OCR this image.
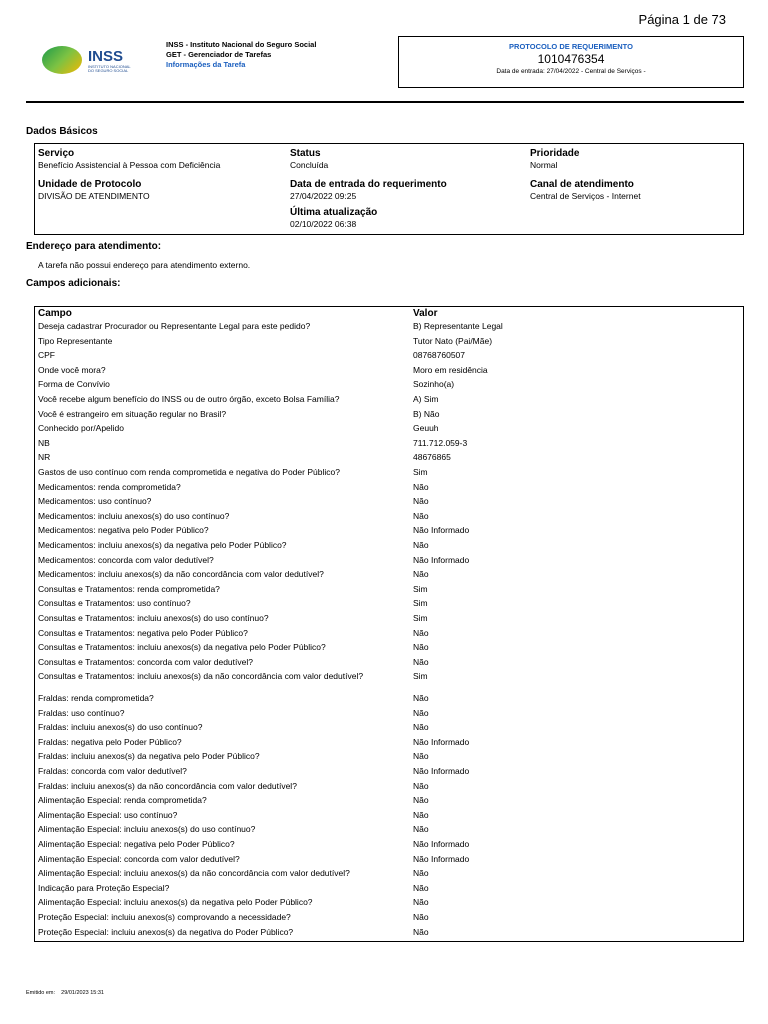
Página 1 de 73
INSS
INSTITUTO NACIONAL
DO SEGURO SOCIAL
INSS - Instituto Nacional do Seguro Social
GET - Gerenciador de Tarefas
Informações da Tarefa
PROTOCOLO DE REQUERIMENTO
1010476354
Data de entrada: 27/04/2022 - Central de Serviços -
Dados Básicos
Serviço
Benefício Assistencial à Pessoa com Deficiência
Status
Concluída
Prioridade
Normal
Unidade de Protocolo
DIVISÃO DE ATENDIMENTO
Data de entrada do requerimento
27/04/2022 09:25
Canal de atendimento
Central de Serviços - Internet
Última atualização
02/10/2022 06:38
Endereço para atendimento:
A tarefa não possui endereço para atendimento externo.
Campos adicionais:
Campo	Valor
Deseja cadastrar Procurador ou Representante Legal para este pedido?	B) Representante Legal
Tipo Representante	Tutor Nato (Pai/Mãe)
CPF	08768760507
Onde você mora?	Moro em residência
Forma de Convívio	Sozinho(a)
Você recebe algum benefício do INSS ou de outro órgão, exceto Bolsa Família?	A) Sim
Você é estrangeiro em situação regular no Brasil?	B) Não
Conhecido por/Apelido	Geuuh
NB	711.712.059-3
NR	48676865
Gastos de uso contínuo com renda comprometida e negativa do Poder Público?	Sim
Medicamentos: renda comprometida?	Não
Medicamentos: uso contínuo?	Não
Medicamentos: incluiu anexos(s) do uso contínuo?	Não
Medicamentos: negativa pelo Poder Público?	Não Informado
Medicamentos: incluiu anexos(s) da negativa pelo Poder Público?	Não
Medicamentos: concorda com valor dedutível?	Não Informado
Medicamentos: incluiu anexos(s) da não concordância com valor dedutível?	Não
Consultas e Tratamentos: renda comprometida?	Sim
Consultas e Tratamentos: uso contínuo?	Sim
Consultas e Tratamentos: incluiu anexos(s) do uso contínuo?	Sim
Consultas e Tratamentos: negativa pelo Poder Público?	Não
Consultas e Tratamentos: incluiu anexos(s) da negativa pelo Poder Público?	Não
Consultas e Tratamentos: concorda com valor dedutível?	Não
Consultas e Tratamentos: incluiu anexos(s) da não concordância com valor dedutível?	Sim
Fraldas: renda comprometida?	Não
Fraldas: uso contínuo?	Não
Fraldas: incluiu anexos(s) do uso contínuo?	Não
Fraldas: negativa pelo Poder Público?	Não Informado
Fraldas: incluiu anexos(s) da negativa pelo Poder Público?	Não
Fraldas: concorda com valor dedutível?	Não Informado
Fraldas: incluiu anexos(s) da não concordância com valor dedutível?	Não
Alimentação Especial: renda comprometida?	Não
Alimentação Especial: uso contínuo?	Não
Alimentação Especial: incluiu anexos(s) do uso contínuo?	Não
Alimentação Especial: negativa pelo Poder Público?	Não Informado
Alimentação Especial: concorda com valor dedutível?	Não Informado
Alimentação Especial: incluiu anexos(s) da não concordância com valor dedutível?	Não
Indicação para Proteção Especial?	Não
Alimentação Especial: incluiu anexos(s) da negativa pelo Poder Público?	Não
Proteção Especial: incluiu anexos(s) comprovando a necessidade?	Não
Proteção Especial: incluiu anexos(s) da negativa do Poder Público?	Não
Emitido em: 29/01/2023 15:31
